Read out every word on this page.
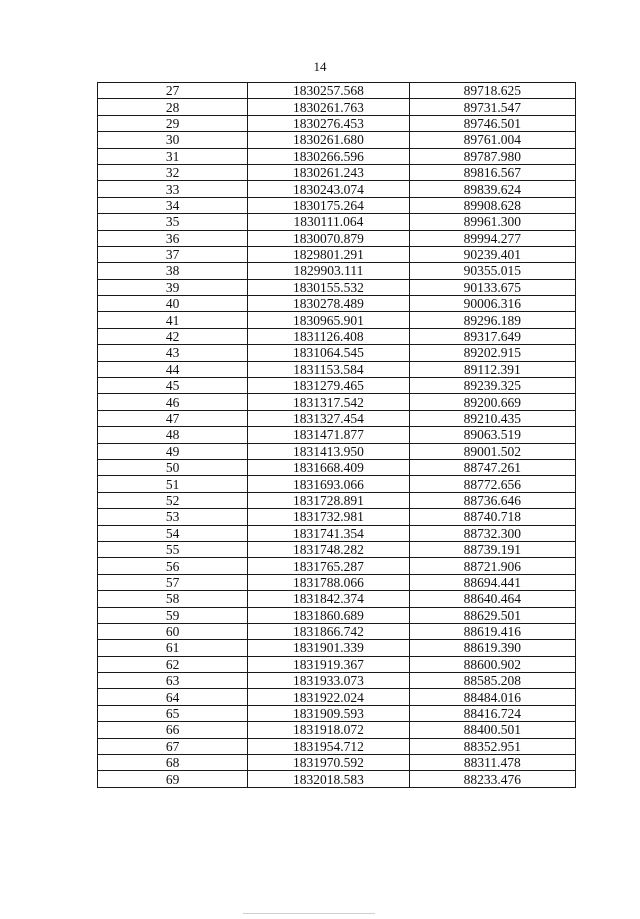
14
27	1830257.568	89718.625
28	1830261.763	89731.547
29	1830276.453	89746.501
30	1830261.680	89761.004
31	1830266.596	89787.980
32	1830261.243	89816.567
33	1830243.074	89839.624
34	1830175.264	89908.628
35	1830111.064	89961.300
36	1830070.879	89994.277
37	1829801.291	90239.401
38	1829903.111	90355.015
39	1830155.532	90133.675
40	1830278.489	90006.316
41	1830965.901	89296.189
42	1831126.408	89317.649
43	1831064.545	89202.915
44	1831153.584	89112.391
45	1831279.465	89239.325
46	1831317.542	89200.669
47	1831327.454	89210.435
48	1831471.877	89063.519
49	1831413.950	89001.502
50	1831668.409	88747.261
51	1831693.066	88772.656
52	1831728.891	88736.646
53	1831732.981	88740.718
54	1831741.354	88732.300
55	1831748.282	88739.191
56	1831765.287	88721.906
57	1831788.066	88694.441
58	1831842.374	88640.464
59	1831860.689	88629.501
60	1831866.742	88619.416
61	1831901.339	88619.390
62	1831919.367	88600.902
63	1831933.073	88585.208
64	1831922.024	88484.016
65	1831909.593	88416.724
66	1831918.072	88400.501
67	1831954.712	88352.951
68	1831970.592	88311.478
69	1832018.583	88233.476
